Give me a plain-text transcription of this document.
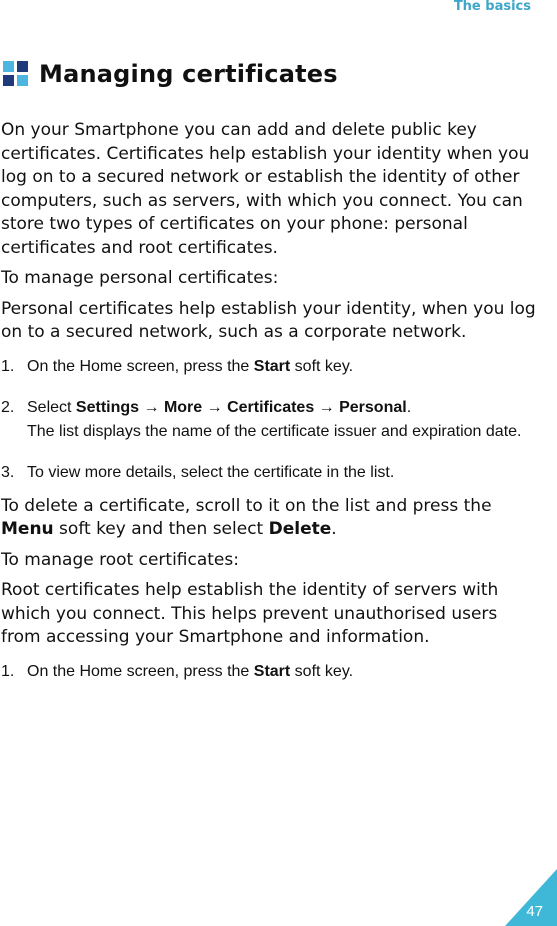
The basics
Managing certificates

On your Smartphone you can add and delete public key certificates. Certificates help establish your identity when you log on to a secured network or establish the identity of other computers, such as servers, with which you connect. You can store two types of certificates on your phone: personal certificates and root certificates.

To manage personal certificates:

Personal certificates help establish your identity, when you log on to a secured network, such as a corporate network.

1. On the Home screen, press the Start soft key.
2. Select Settings → More → Certificates → Personal.
The list displays the name of the certificate issuer and expiration date.
3. To view more details, select the certificate in the list.

To delete a certificate, scroll to it on the list and press the Menu soft key and then select Delete.

To manage root certificates:

Root certificates help establish the identity of servers with which you connect. This helps prevent unauthorised users from accessing your Smartphone and information.

1. On the Home screen, press the Start soft key.
47
